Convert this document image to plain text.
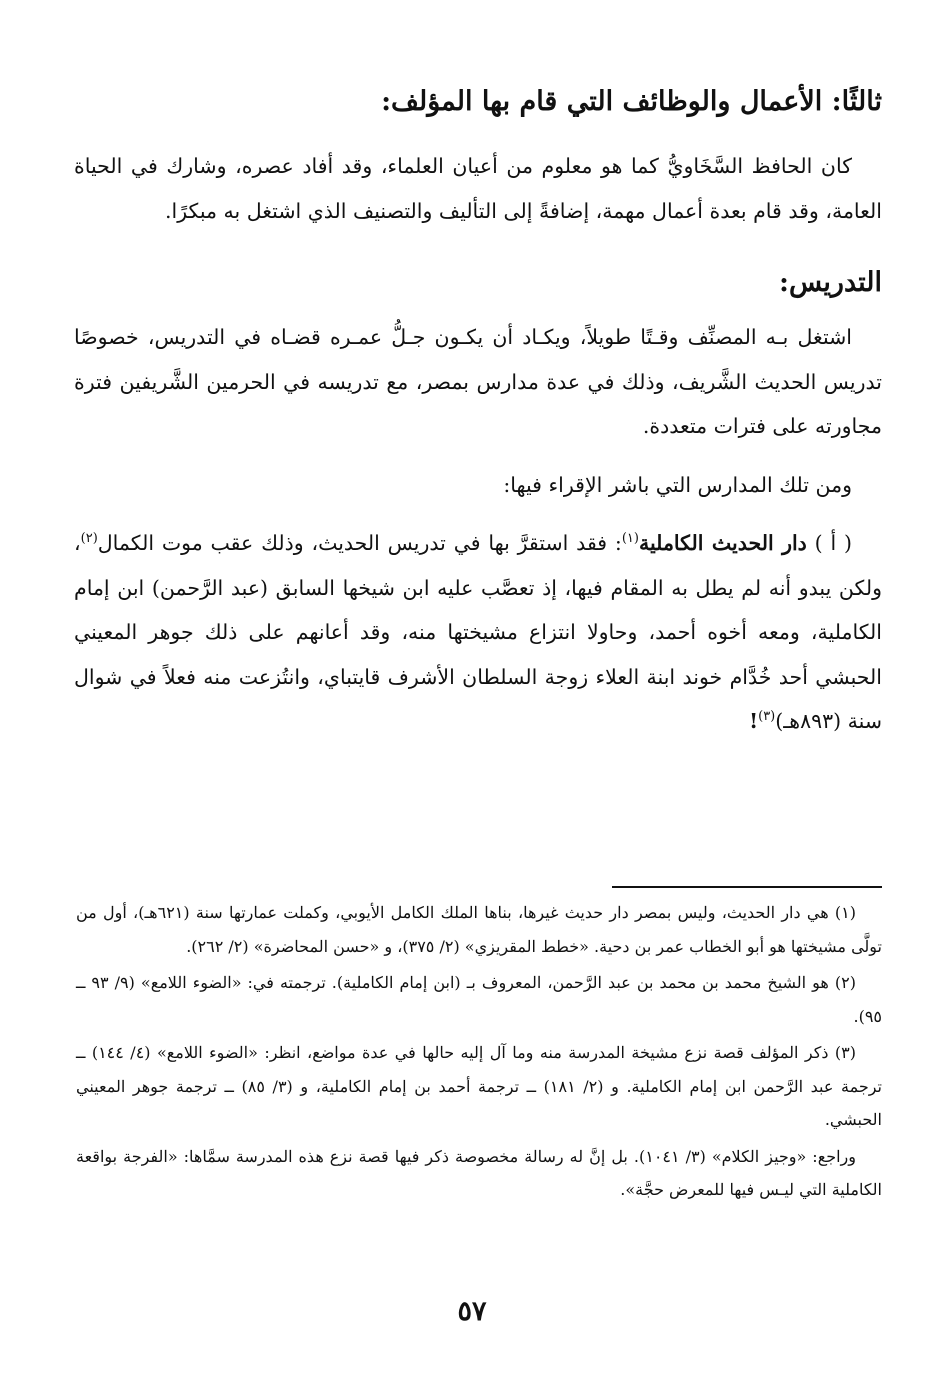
ثالثًا: الأعمال والوظائف التي قام بها المؤلف:

كان الحافظ السَّخَاويُّ كما هو معلوم من أعيان العلماء، وقد أفاد عصره، وشارك في الحياة العامة، وقد قام بعدة أعمال مهمة، إضافةً إلى التأليف والتصنيف الذي اشتغل به مبكرًا.

التدريس:

اشتغل بـه المصنِّف وقـتًا طويلاً، ويكـاد أن يكـون جـلُّ عمـره قضـاه في التدريس، خصوصًا تدريس الحديث الشَّريف، وذلك في عدة مدارس بمصر، مع تدريسه في الحرمين الشَّريفين فترة مجاورته على فترات متعددة.

ومن تلك المدارس التي باشر الإقراء فيها:

( أ ) دار الحديث الكاملية$^{(١)}$: فقد استقرَّ بها في تدريس الحديث، وذلك عقب موت الكمال$^{(٢)}$، ولكن يبدو أنه لم يطل به المقام فيها، إذ تعصَّب عليه ابن شيخها السابق (عبد الرَّحمن) ابن إمام الكاملية، ومعه أخوه أحمد، وحاولا انتزاع مشيختها منه، وقد أعانهم على ذلك جوهر المعيني الحبشي أحد خُدَّام خوند ابنة العلاء زوجة السلطان الأشرف قايتباي، وانتُزعت منه فعلاً في شوال سنة (٨٩٣هـ)$^{(٣)}$!

(١) هي دار الحديث، وليس بمصر دار حديث غيرها، بناها الملك الكامل الأيوبي، وكملت عمارتها سنة (٦٢١هـ)، أول من تولَّى مشيختها هو أبو الخطاب عمر بن دحية. «خطط المقريزي» (٢/ ٣٧٥)، و «حسن المحاضرة» (٢/ ٢٦٢).

(٢) هو الشيخ محمد بن محمد بن عبد الرَّحمن، المعروف بـ (ابن إمام الكاملية). ترجمته في: «الضوء اللامع» (٩/ ٩٣ ــ ٩٥).

(٣) ذكر المؤلف قصة نزع مشيخة المدرسة منه وما آل إليه حالها في عدة مواضع، انظر: «الضوء اللامع» (٤/ ١٤٤) ــ ترجمة عبد الرَّحمن ابن إمام الكاملية. و (٢/ ١٨١) ــ ترجمة أحمد بن إمام الكاملية، و (٣/ ٨٥) ــ ترجمة جوهر المعيني الحبشي.

وراجع: «وجيز الكلام» (٣/ ١٠٤١). بل إنَّ له رسالة مخصوصة ذكر فيها قصة نزع هذه المدرسة سمَّاها: «الفرجة بواقعة الكاملية التي ليـس فيها للمعرض حجَّة».

٥٧
